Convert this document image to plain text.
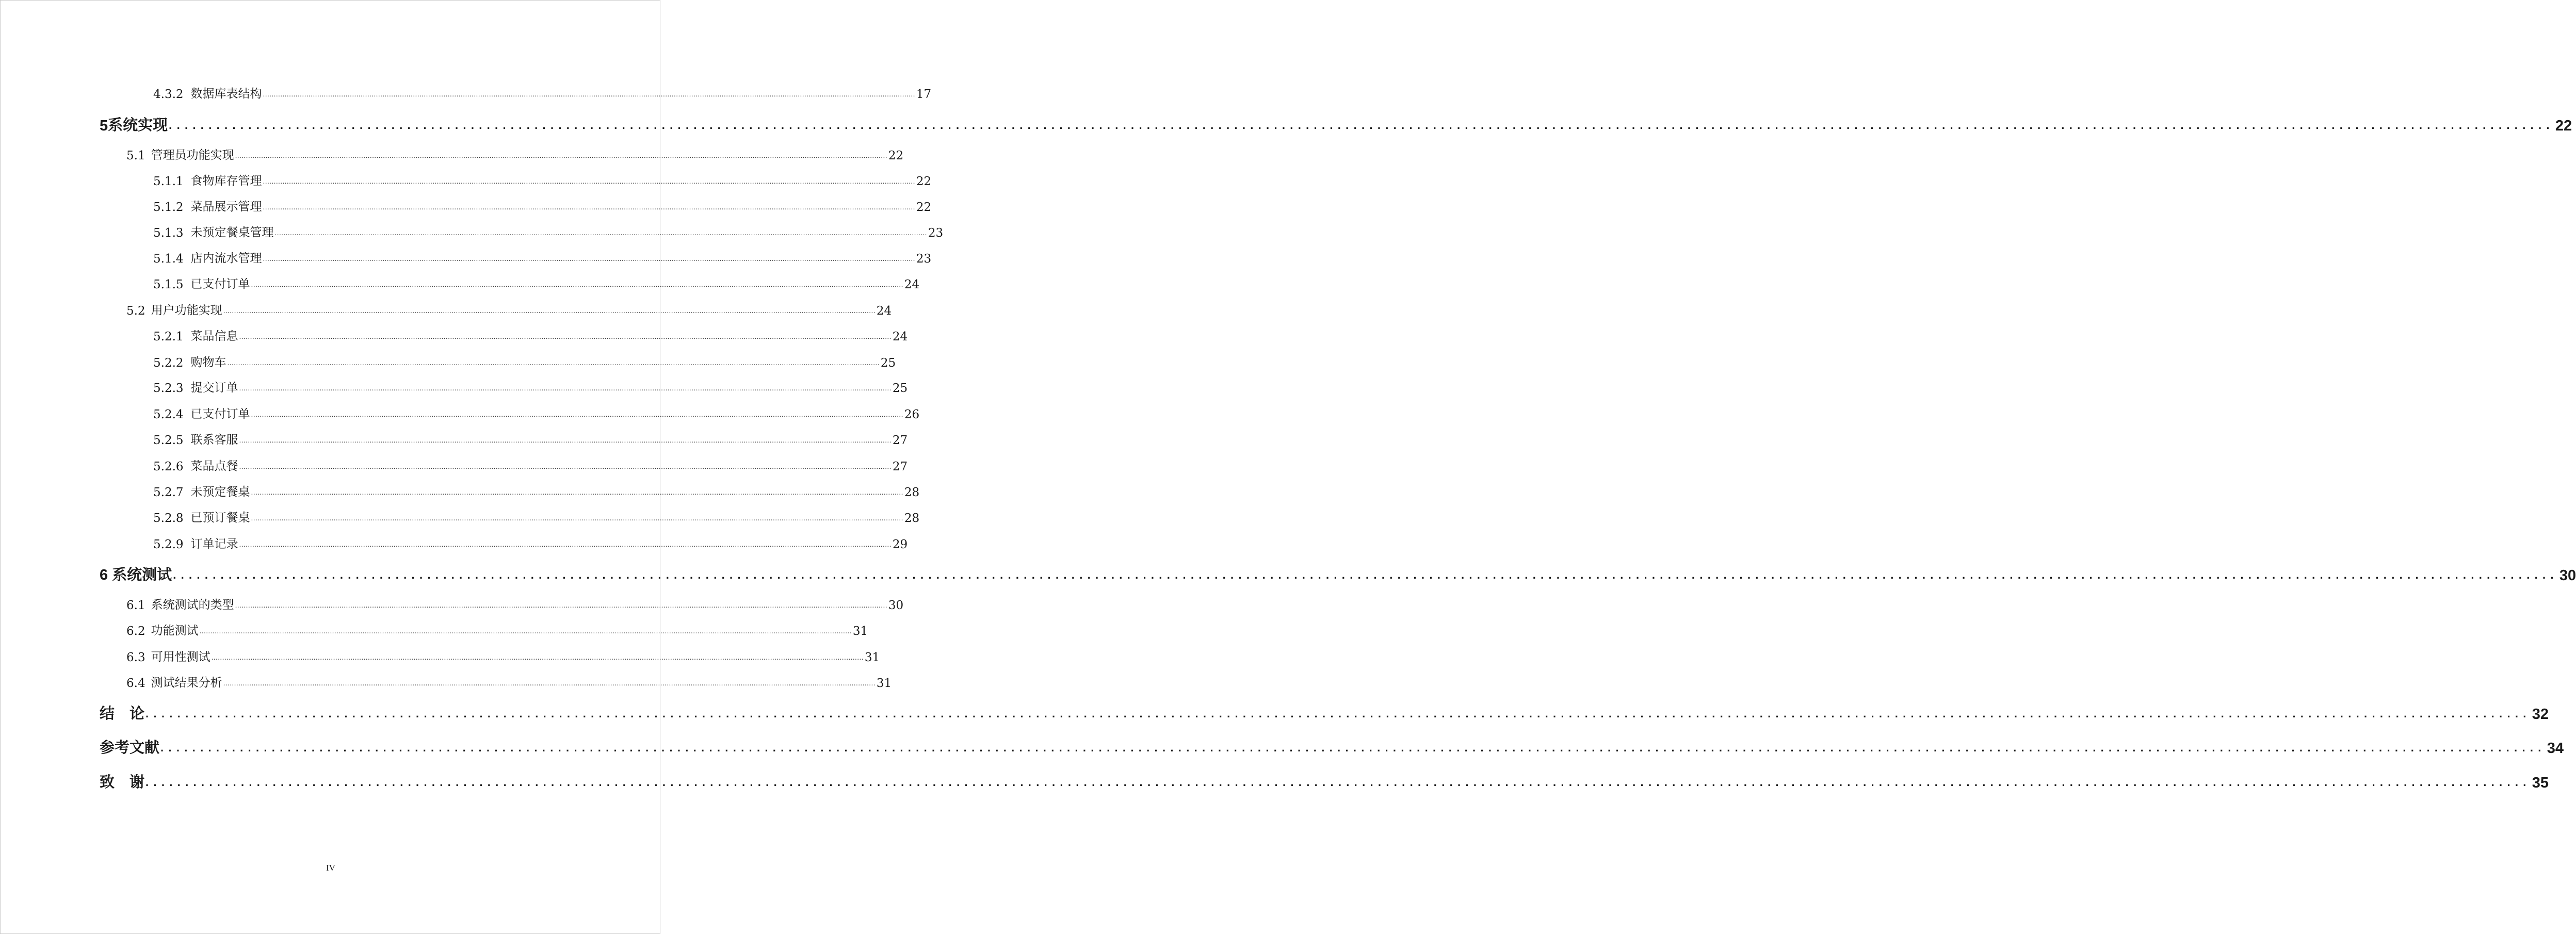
4.3.2 数据库表结构 ............................................................................................................................................................................................................................................................................................................ 17
5 系统实现 ............................................................................................................................................................................................................................................................................................................ 22
5.1 管理员功能实现 ............................................................................................................................................................................................................................................................................................................ 22
5.1.1 食物库存管理 ............................................................................................................................................................................................................................................................................................................ 22
5.1.2 菜品展示管理 ............................................................................................................................................................................................................................................................................................................ 22
5.1.3 未预定餐桌管理 ............................................................................................................................................................................................................................................................................................................ 23
5.1.4 店内流水管理 ............................................................................................................................................................................................................................................................................................................ 23
5.1.5 已支付订单 ............................................................................................................................................................................................................................................................................................................ 24
5.2 用户功能实现 ............................................................................................................................................................................................................................................................................................................ 24
5.2.1 菜品信息 ............................................................................................................................................................................................................................................................................................................ 24
5.2.2 购物车 ............................................................................................................................................................................................................................................................................................................ 25
5.2.3 提交订单 ............................................................................................................................................................................................................................................................................................................ 25
5.2.4 已支付订单 ............................................................................................................................................................................................................................................................................................................ 26
5.2.5 联系客服 ............................................................................................................................................................................................................................................................................................................ 27
5.2.6 菜品点餐 ............................................................................................................................................................................................................................................................................................................ 27
5.2.7 未预定餐桌 ............................................................................................................................................................................................................................................................................................................ 28
5.2.8 已预订餐桌 ............................................................................................................................................................................................................................................................................................................ 28
5.2.9 订单记录 ............................................................................................................................................................................................................................................................................................................ 29
6 系统测试 ............................................................................................................................................................................................................................................................................................................ 30
6.1 系统测试的类型 ............................................................................................................................................................................................................................................................................................................ 30
6.2 功能测试 ............................................................................................................................................................................................................................................................................................................ 31
6.3 可用性测试 ............................................................................................................................................................................................................................................................................................................ 31
6.4 测试结果分析 ............................................................................................................................................................................................................................................................................................................ 31
结　论 ............................................................................................................................................................................................................................................................................................................ 32
参考文献 ............................................................................................................................................................................................................................................................................................................ 34
致　谢 ............................................................................................................................................................................................................................................................................................................ 35
IV
